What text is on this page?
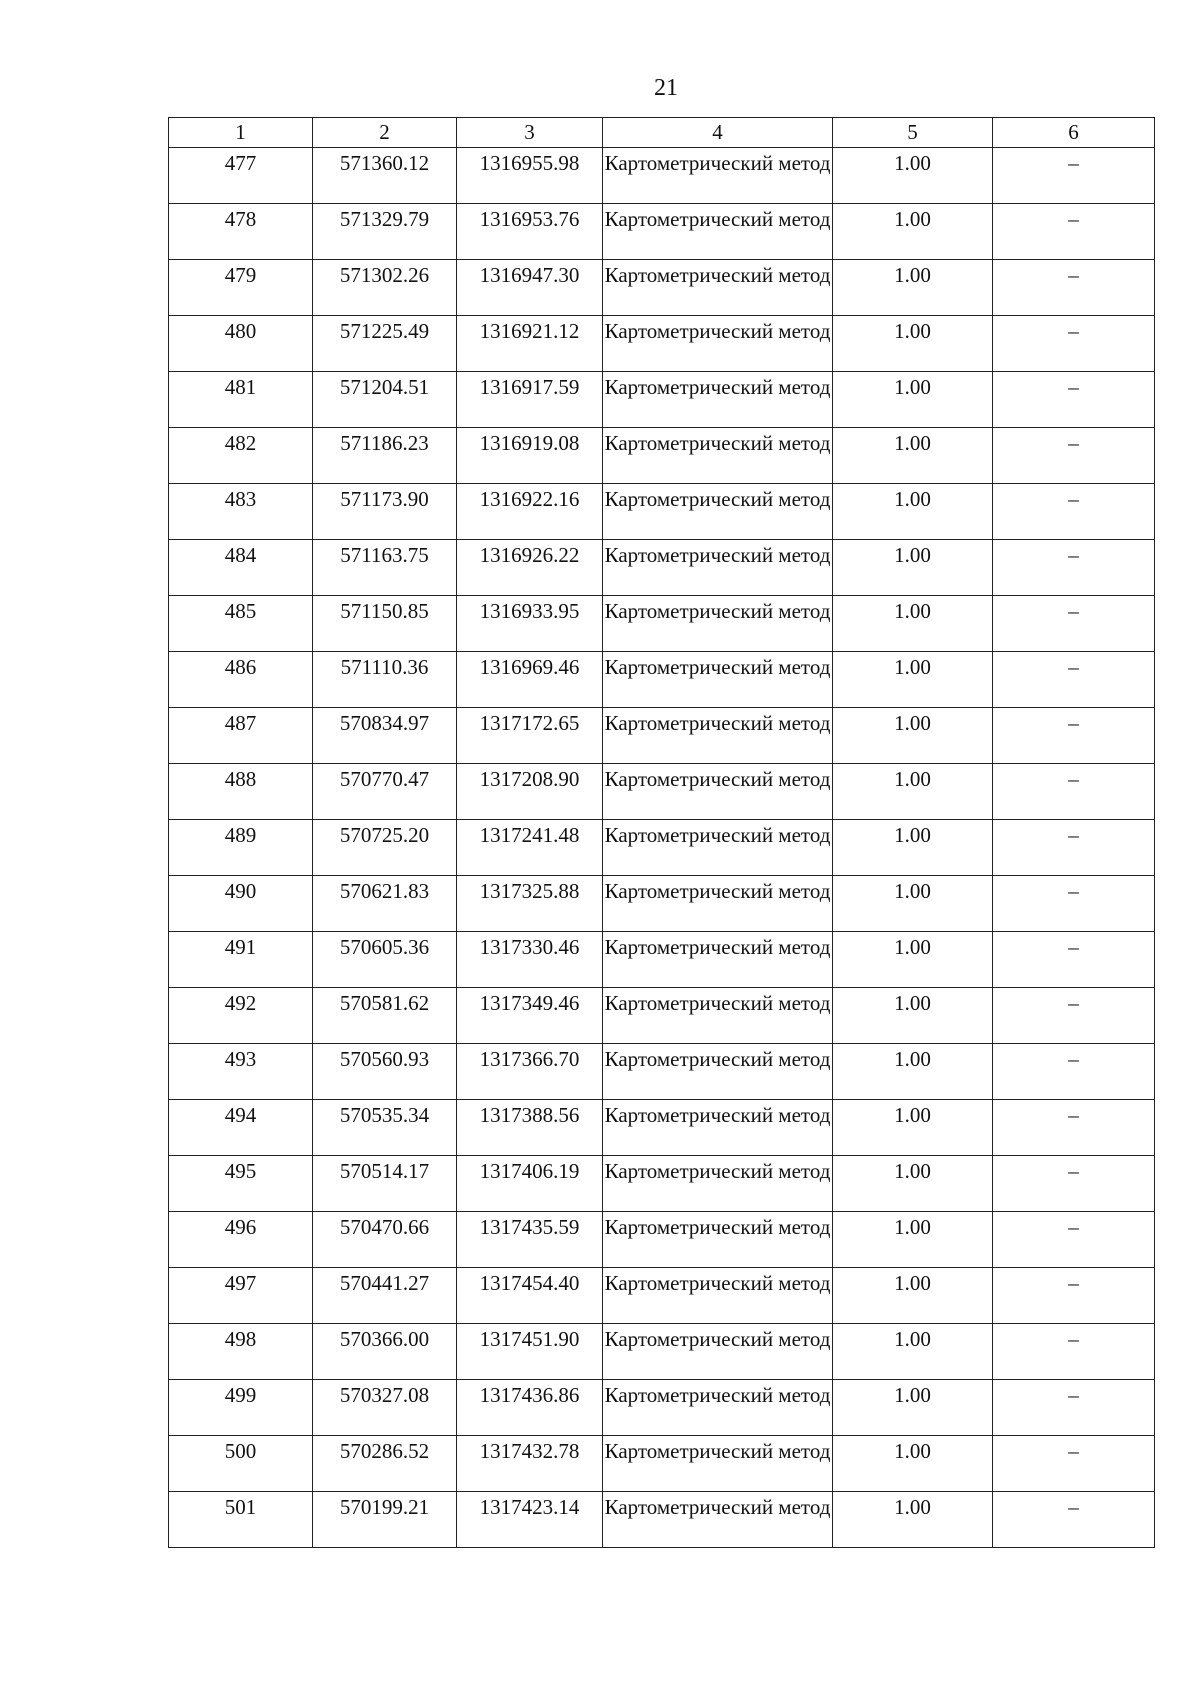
21
1	2	3	4	5	6
477	571360.12	1316955.98	Картометрический метод	1.00	–
478	571329.79	1316953.76	Картометрический метод	1.00	–
479	571302.26	1316947.30	Картометрический метод	1.00	–
480	571225.49	1316921.12	Картометрический метод	1.00	–
481	571204.51	1316917.59	Картометрический метод	1.00	–
482	571186.23	1316919.08	Картометрический метод	1.00	–
483	571173.90	1316922.16	Картометрический метод	1.00	–
484	571163.75	1316926.22	Картометрический метод	1.00	–
485	571150.85	1316933.95	Картометрический метод	1.00	–
486	571110.36	1316969.46	Картометрический метод	1.00	–
487	570834.97	1317172.65	Картометрический метод	1.00	–
488	570770.47	1317208.90	Картометрический метод	1.00	–
489	570725.20	1317241.48	Картометрический метод	1.00	–
490	570621.83	1317325.88	Картометрический метод	1.00	–
491	570605.36	1317330.46	Картометрический метод	1.00	–
492	570581.62	1317349.46	Картометрический метод	1.00	–
493	570560.93	1317366.70	Картометрический метод	1.00	–
494	570535.34	1317388.56	Картометрический метод	1.00	–
495	570514.17	1317406.19	Картометрический метод	1.00	–
496	570470.66	1317435.59	Картометрический метод	1.00	–
497	570441.27	1317454.40	Картометрический метод	1.00	–
498	570366.00	1317451.90	Картометрический метод	1.00	–
499	570327.08	1317436.86	Картометрический метод	1.00	–
500	570286.52	1317432.78	Картометрический метод	1.00	–
501	570199.21	1317423.14	Картометрический метод	1.00	–
